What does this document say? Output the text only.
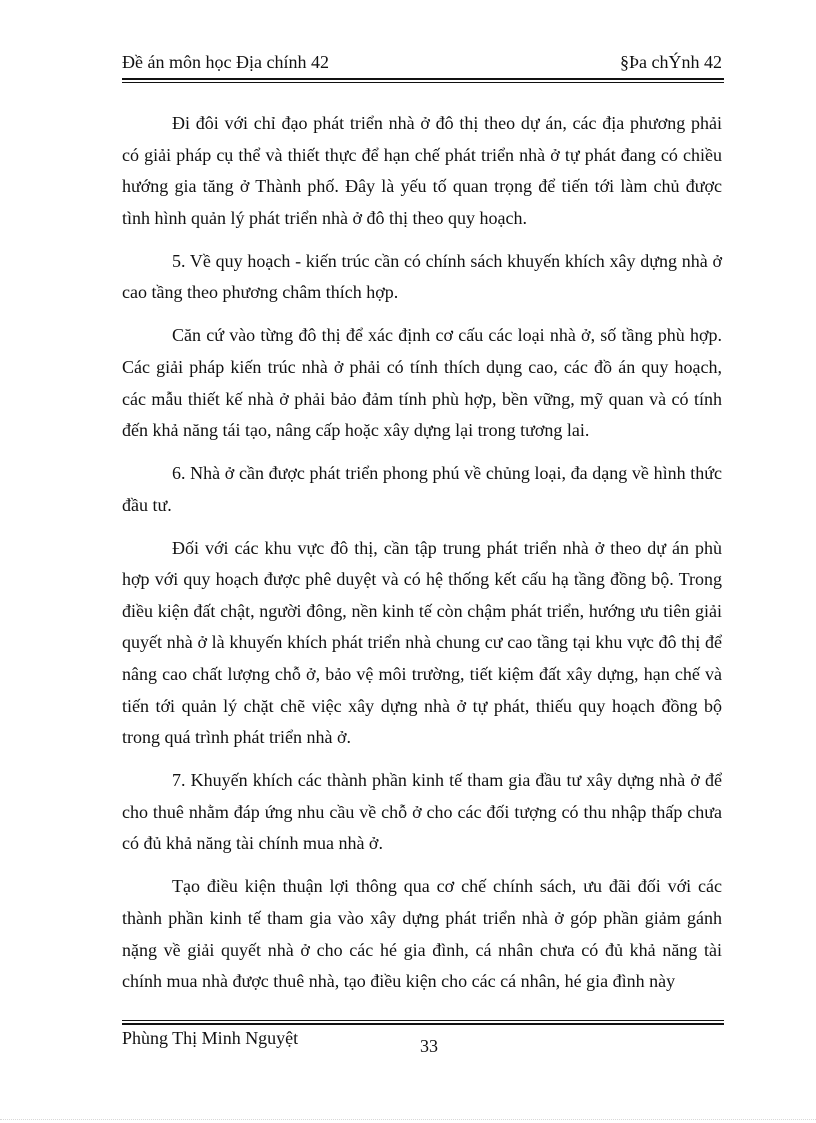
Đề án môn học Địa chính 42	§Þa chÝnh 42

Đi đôi với chỉ đạo phát triển nhà ở đô thị theo dự án, các địa phương phải có giải pháp cụ thể và thiết thực để hạn chế phát triển nhà ở tự phát đang có chiều hướng gia tăng ở Thành phố. Đây là yếu tố quan trọng để tiến tới làm chủ được tình hình quản lý phát triển nhà ở đô thị theo quy hoạch.

5. Về quy hoạch - kiến trúc cần có chính sách khuyến khích xây dựng nhà ở cao tầng theo phương châm thích hợp.

Căn cứ vào từng đô thị để xác định cơ cấu các loại nhà ở, số tầng phù hợp. Các giải pháp kiến trúc nhà ở phải có tính thích dụng cao, các đồ án quy hoạch, các mẫu thiết kế nhà ở phải bảo đảm tính phù hợp, bền vững, mỹ quan và có tính đến khả năng tái tạo, nâng cấp hoặc xây dựng lại trong tương lai.

6. Nhà ở cần được phát triển phong phú về chủng loại, đa dạng về hình thức đầu tư.

Đối với các khu vực đô thị, cần tập trung phát triển nhà ở theo dự án phù hợp với quy hoạch được phê duyệt và có hệ thống kết cấu hạ tầng đồng bộ. Trong điều kiện đất chật, người đông, nền kinh tế còn chậm phát triển, hướng ưu tiên giải quyết nhà ở là khuyến khích phát triển nhà chung cư cao tầng tại khu vực đô thị để nâng cao chất lượng chỗ ở, bảo vệ môi trường, tiết kiệm đất xây dựng, hạn chế và tiến tới quản lý chặt chẽ việc xây dựng nhà ở tự phát, thiếu quy hoạch đồng bộ trong quá trình phát triển nhà ở.

7. Khuyến khích các thành phần kinh tế tham gia đầu tư xây dựng nhà ở để cho thuê nhằm đáp ứng nhu cầu về chỗ ở cho các đối tượng có thu nhập thấp chưa có đủ khả năng tài chính mua nhà ở.

Tạo điều kiện thuận lợi thông qua cơ chế chính sách, ưu đãi đối với các thành phần kinh tế tham gia vào xây dựng phát triển nhà ở góp phần giảm gánh nặng về giải quyết nhà ở cho các hé gia đình, cá nhân chưa có đủ khả năng tài chính mua nhà được thuê nhà, tạo điều kiện cho các cá nhân, hé gia đình này

Phùng Thị Minh Nguyệt	33
